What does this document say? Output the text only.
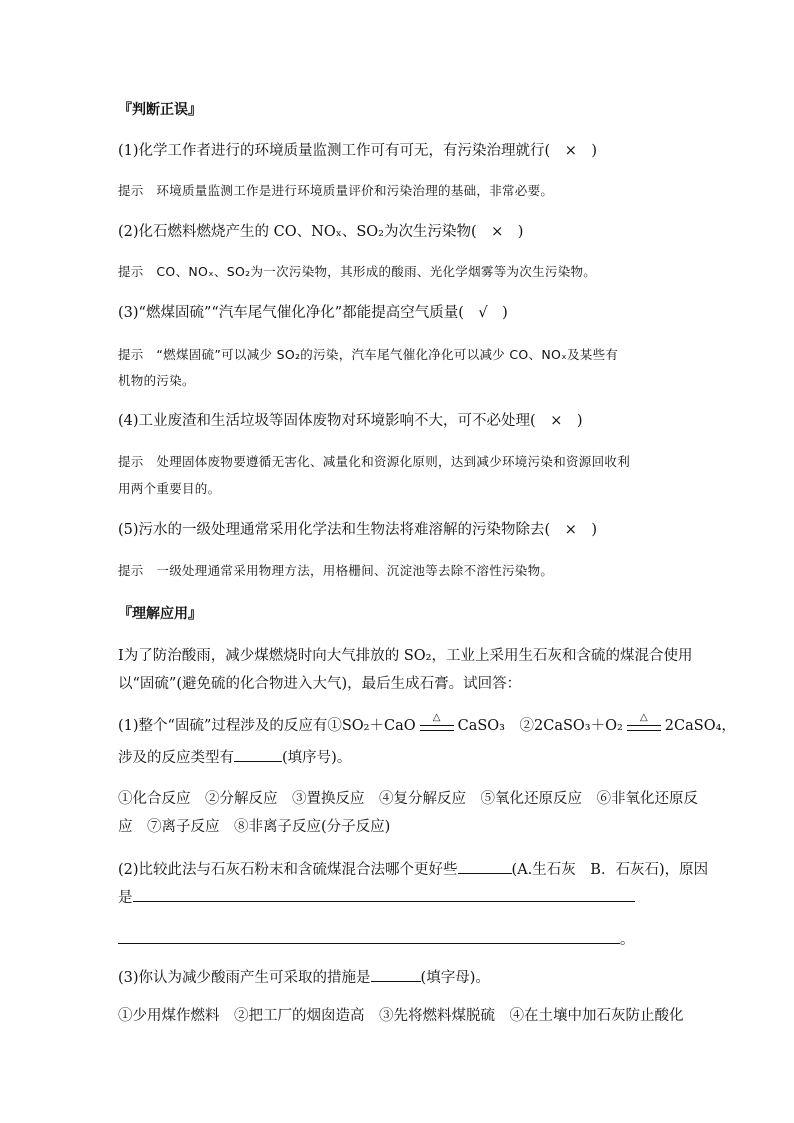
『判断正误』
(1)化学工作者进行的环境质量监测工作可有可无，有污染治理就行(　×　)
提示　环境质量监测工作是进行环境质量评价和污染治理的基础，非常必要。
(2)化石燃料燃烧产生的 CO、NOₓ、SO₂为次生污染物(　×　)
提示　CO、NOₓ、SO₂为一次污染物，其形成的酸雨、光化学烟雾等为次生污染物。
(3)“燃煤固硫”“汽车尾气催化净化”都能提高空气质量(　√　)
提示　“燃煤固硫”可以减少 SO₂的污染，汽车尾气催化净化可以减少 CO、NOₓ及某些有
机物的污染。
(4)工业废渣和生活垃圾等固体废物对环境影响不大，可不必处理(　×　)
提示　处理固体废物要遵循无害化、减量化和资源化原则，达到减少环境污染和资源回收利
用两个重要目的。
(5)污水的一级处理通常采用化学法和生物法将难溶解的污染物除去(　×　)
提示　一级处理通常采用物理方法，用格栅间、沉淀池等去除不溶性污染物。
『理解应用』
Ⅰ为了防治酸雨，减少煤燃烧时向大气排放的 SO₂，工业上采用生石灰和含硫的煤混合使用
以“固硫”(避免硫的化合物进入大气)，最后生成石膏。试回答：
(1)整个“固硫”过程涉及的反应有①SO₂＋CaO
△
CaSO₃　②2CaSO₃＋O₂
△
2CaSO₄，
涉及的反应类型有	(填序号)。
①化合反应　②分解反应　③置换反应　④复分解反应　⑤氧化还原反应　⑥非氧化还原反
应　⑦离子反应　⑧非离子反应(分子反应)
(2)比较此法与石灰石粉末和含硫煤混合法哪个更好些	(A.生石灰　B．石灰石)，原因
是
。
(3)你认为减少酸雨产生可采取的措施是	(填字母)。
①少用煤作燃料　②把工厂的烟囱造高　③先将燃料煤脱硫　④在土壤中加石灰防止酸化
